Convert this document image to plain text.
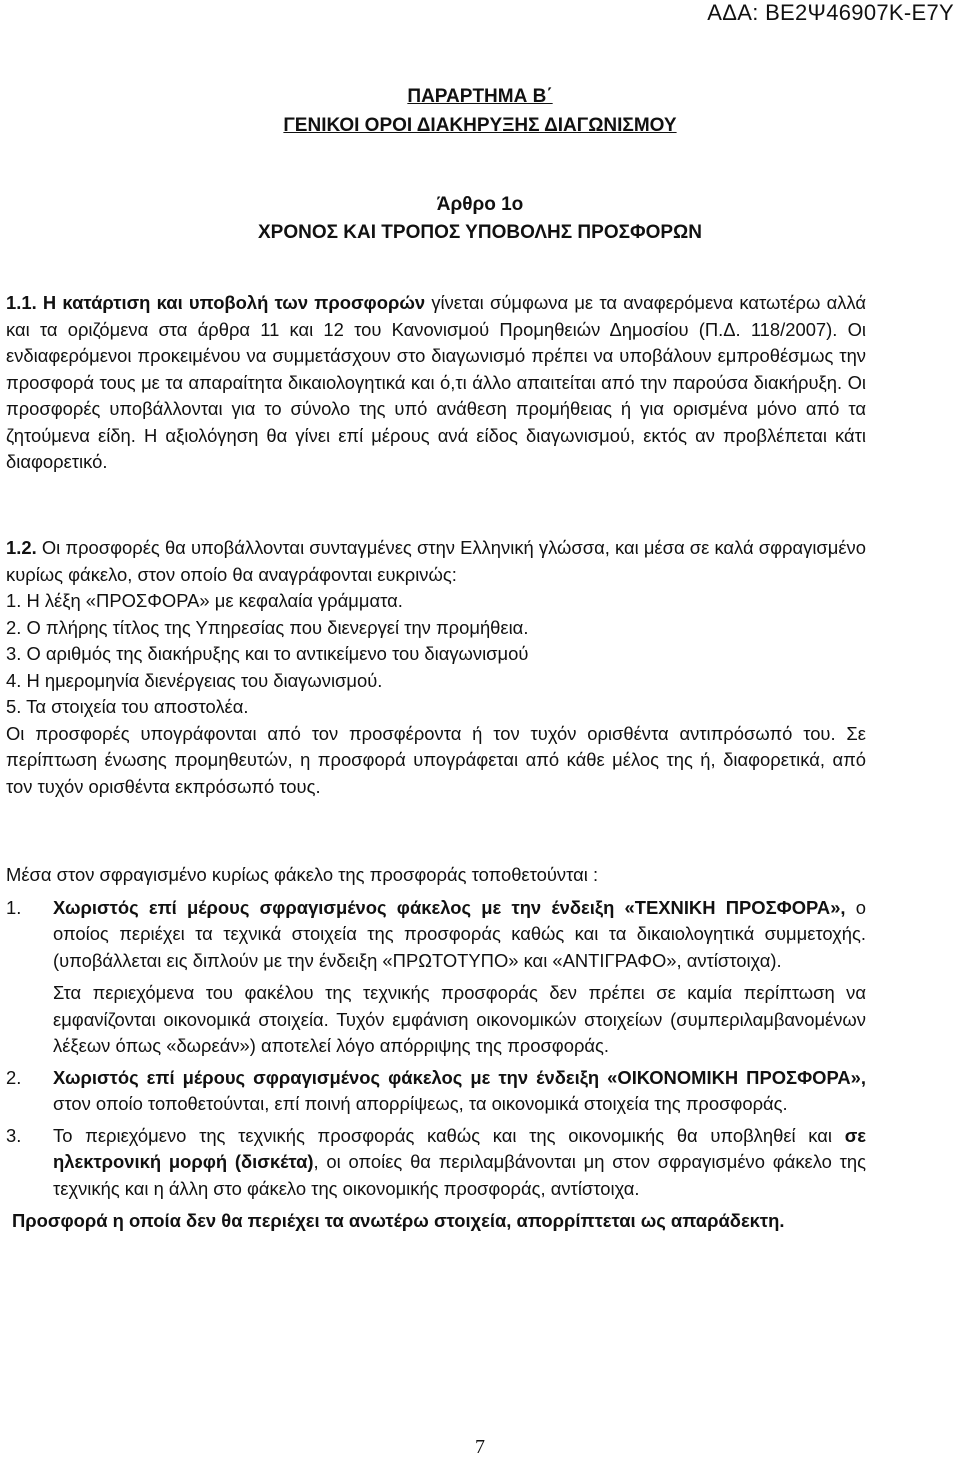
ΑΔΑ: ΒΕ2Ψ46907Κ-Ε7Υ
ΠΑΡΑΡΤΗΜΑ Β΄
ΓΕΝΙΚΟΙ ΟΡΟΙ ΔΙΑΚΗΡΥΞΗΣ ΔΙΑΓΩΝΙΣΜΟΥ
Άρθρο 1ο
ΧΡΟΝΟΣ ΚΑΙ ΤΡΟΠΟΣ ΥΠΟΒΟΛΗΣ ΠΡΟΣΦΟΡΩΝ
1.1. Η κατάρτιση και υποβολή των προσφορών γίνεται σύμφωνα με τα αναφερόμενα κατωτέρω αλλά και τα οριζόμενα στα άρθρα 11 και 12 του Κανονισμού Προμηθειών Δημοσίου (Π.Δ. 118/2007). Οι ενδιαφερόμενοι προκειμένου να συμμετάσχουν στο διαγωνισμό πρέπει να υποβάλουν εμπροθέσμως την προσφορά τους με τα απαραίτητα δικαιολογητικά και ό,τι άλλο απαιτείται από την παρούσα διακήρυξη. Οι προσφορές υποβάλλονται για το σύνολο της υπό ανάθεση προμήθειας ή για ορισμένα μόνο από τα ζητούμενα είδη. Η αξιολόγηση θα γίνει επί μέρους ανά είδος διαγωνισμού, εκτός αν προβλέπεται κάτι διαφορετικό.
1.2. Οι προσφορές θα υποβάλλονται συνταγμένες στην Ελληνική γλώσσα, και μέσα σε καλά σφραγισμένο κυρίως φάκελο, στον οποίο θα αναγράφονται ευκρινώς:
1. Η λέξη «ΠΡΟΣΦΟΡΑ» με κεφαλαία γράμματα.
2. Ο πλήρης τίτλος της Υπηρεσίας που διενεργεί την προμήθεια.
3. Ο αριθμός της διακήρυξης και το αντικείμενο του διαγωνισμού
4. Η ημερομηνία διενέργειας του διαγωνισμού.
5. Τα στοιχεία του αποστολέα.
Οι προσφορές υπογράφονται από τον προσφέροντα ή τον τυχόν ορισθέντα αντιπρόσωπό του. Σε περίπτωση ένωσης προμηθευτών, η προσφορά υπογράφεται από κάθε μέλος της ή, διαφορετικά, από τον τυχόν ορισθέντα εκπρόσωπό τους.
Μέσα στον σφραγισμένο κυρίως φάκελο της προσφοράς τοποθετούνται :
1.	Χωριστός επί μέρους σφραγισμένος φάκελος με την ένδειξη «ΤΕΧΝΙΚΗ ΠΡΟΣΦΟΡΑ», ο οποίος περιέχει τα τεχνικά στοιχεία της προσφοράς καθώς και τα δικαιολογητικά συμμετοχής. (υποβάλλεται εις διπλούν με την ένδειξη «ΠΡΩΤΟΤΥΠΟ» και «ΑΝΤΙΓΡΑΦΟ», αντίστοιχα).
Στα περιεχόμενα του φακέλου της τεχνικής προσφοράς δεν πρέπει σε καμία περίπτωση να εμφανίζονται οικονομικά στοιχεία. Τυχόν εμφάνιση οικονομικών στοιχείων (συμπεριλαμβανομένων λέξεων όπως «δωρεάν») αποτελεί λόγο απόρριψης της προσφοράς.
2.	Χωριστός επί μέρους σφραγισμένος φάκελος με την ένδειξη «ΟΙΚΟΝΟΜΙΚΗ ΠΡΟΣΦΟΡΑ», στον οποίο τοποθετούνται, επί ποινή απορρίψεως, τα οικονομικά στοιχεία της προσφοράς.
3.	Το περιεχόμενο της τεχνικής προσφοράς καθώς και της οικονομικής θα υποβληθεί και σε ηλεκτρονική μορφή (δισκέτα), οι οποίες θα περιλαμβάνονται μη στον σφραγισμένο φάκελο της τεχνικής και η άλλη στο φάκελο της οικονομικής προσφοράς, αντίστοιχα.
Προσφορά η οποία δεν θα περιέχει τα ανωτέρω στοιχεία, απορρίπτεται ως απαράδεκτη.
7
